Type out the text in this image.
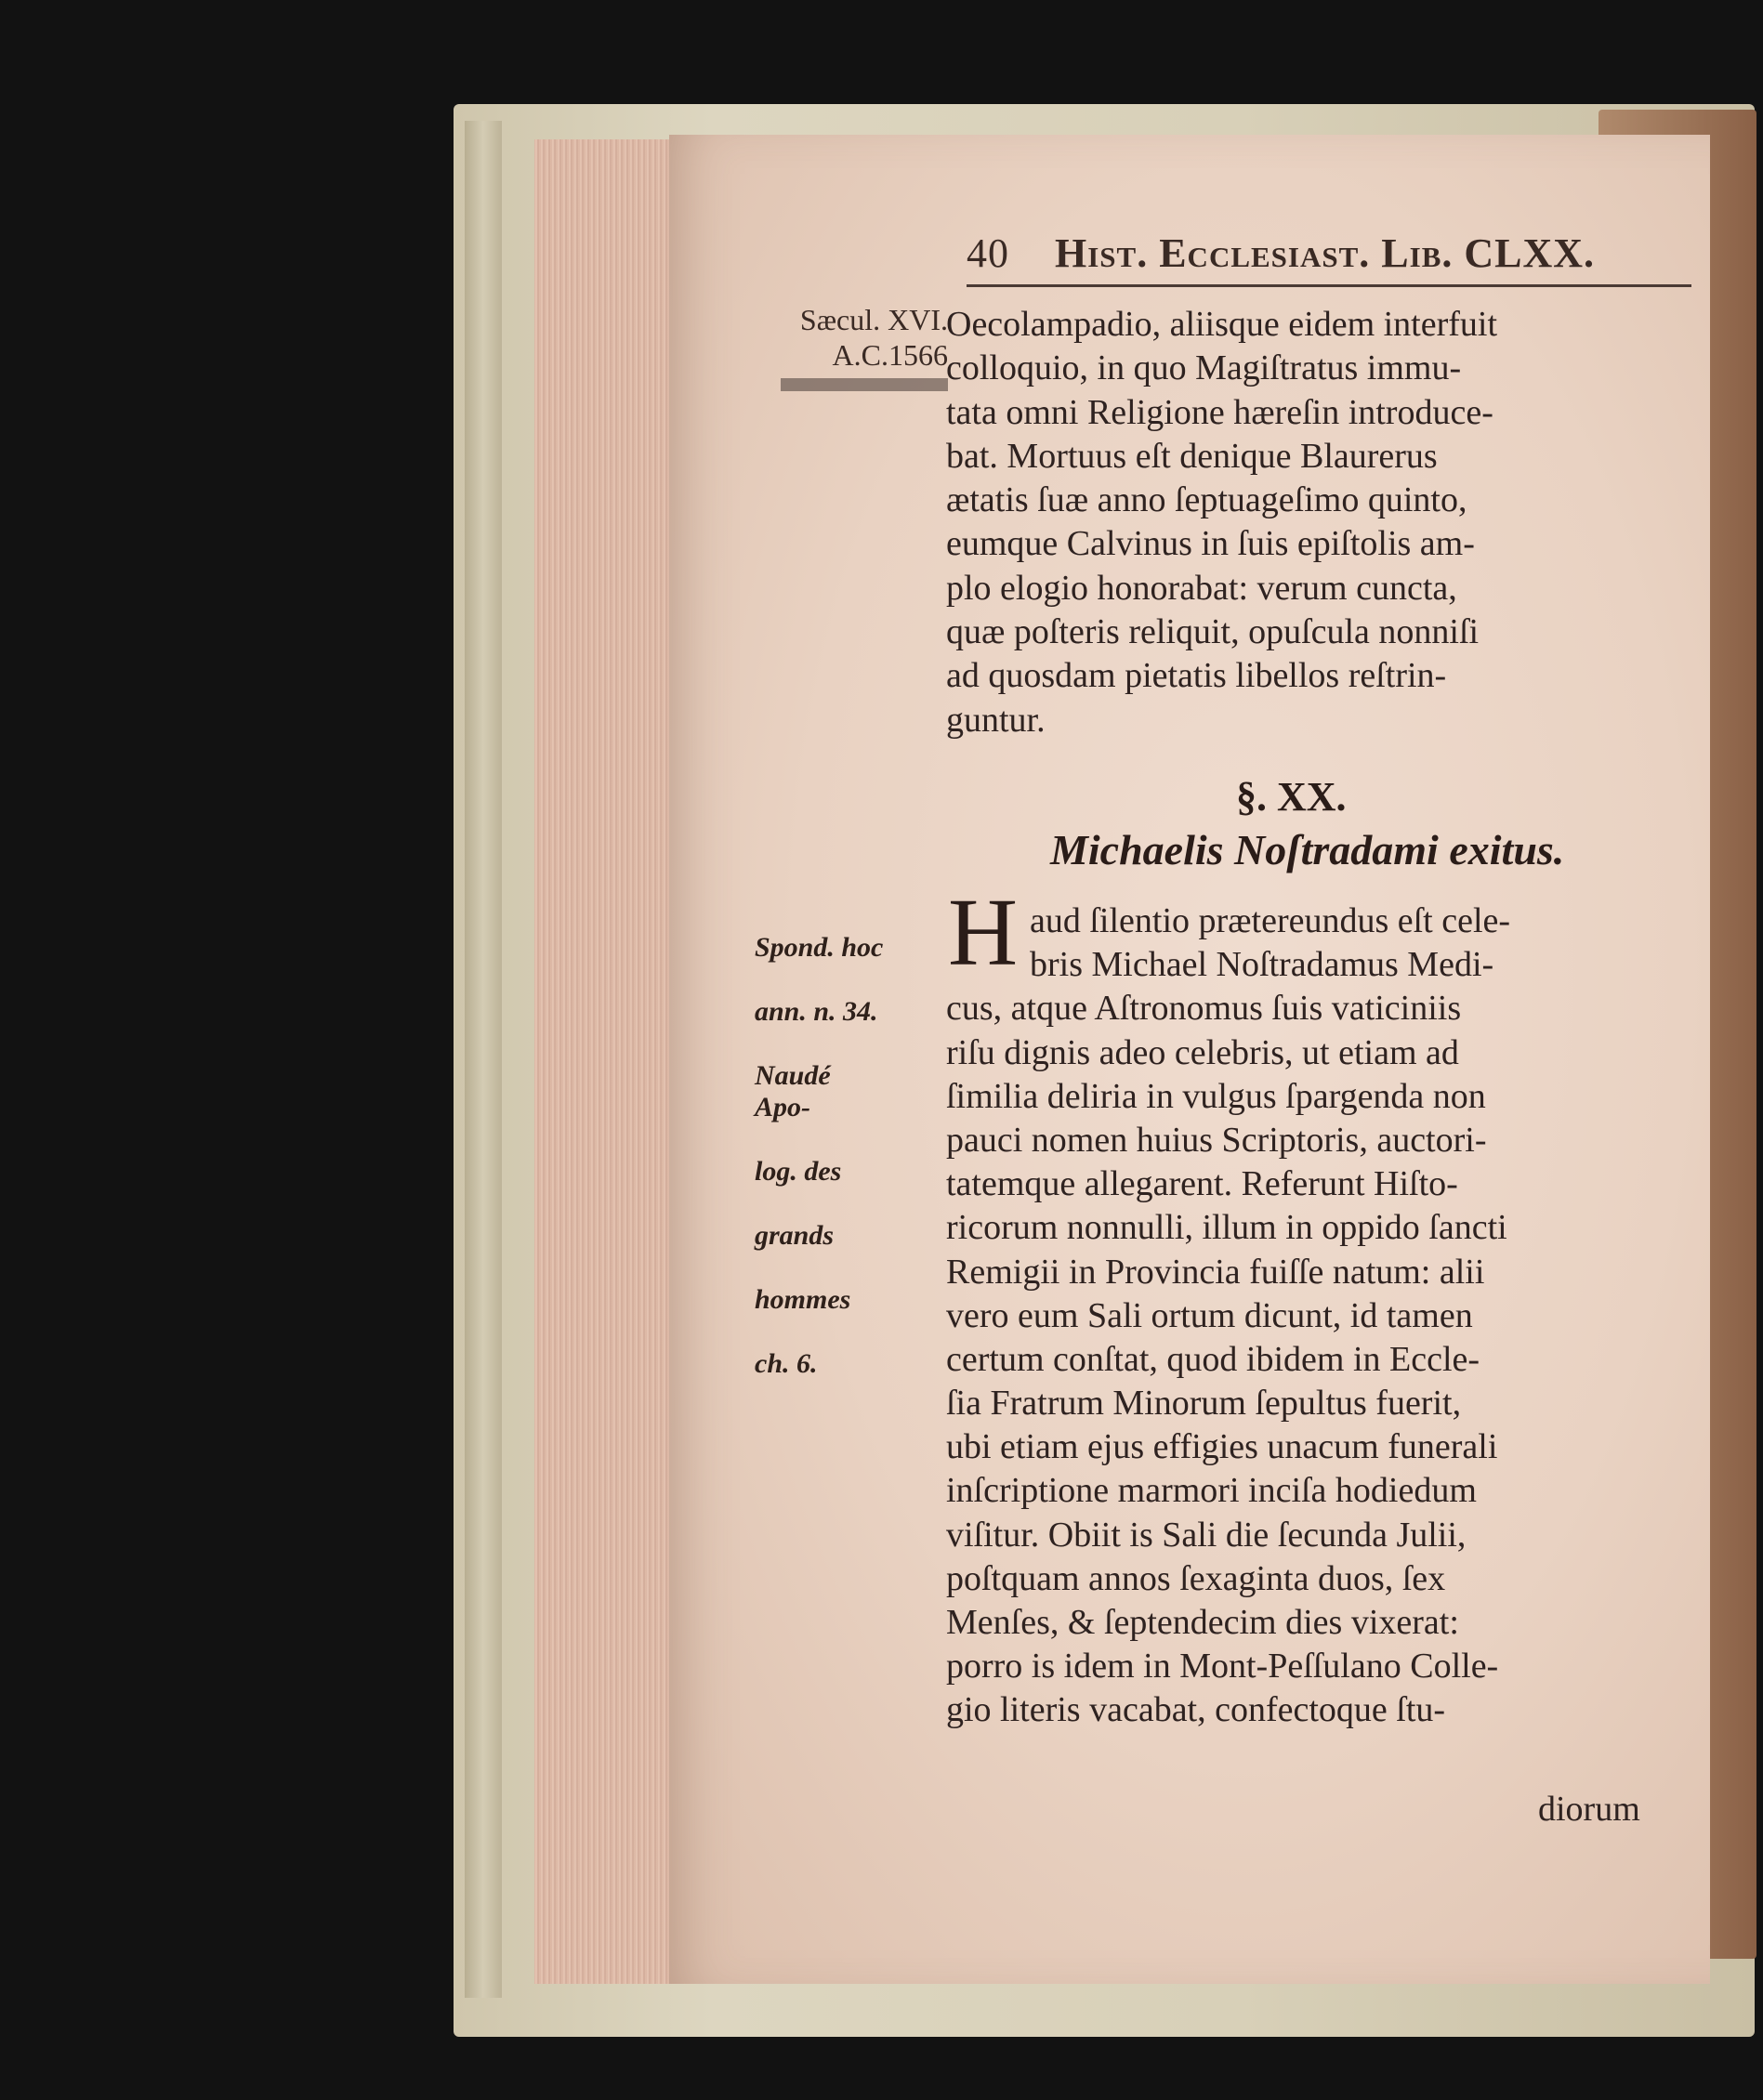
40 Hist. Ecclesiast. Lib. CLXX.
Sæcul. XVI.
A.C.1566

Spond. hoc

ann. n. 34.

Naudé Apo-

log. des

grands

hommes

ch. 6.

Oecolampadio, aliisque eidem interfuit
colloquio, in quo Magiſtratus immu-
tata omni Religione hæreſin introduce-
bat. Mortuus eſt denique Blaurerus
ætatis ſuæ anno ſeptuageſimo quinto,
eumque Calvinus in ſuis epiſtolis am-
plo elogio honorabat: verum cuncta,
quæ poſteris reliquit, opuſcula nonniſi
ad quosdam pietatis libellos reſtrin-
guntur.
§. XX.
Michaelis Noſtradami exitus.
H aud ſilentio prætereundus eſt cele-
bris Michael Noſtradamus Medi-
cus, atque Aſtronomus ſuis vaticiniis
riſu dignis adeo celebris, ut etiam ad
ſimilia deliria in vulgus ſpargenda non
pauci nomen huius Scriptoris, auctori-
tatemque allegarent. Referunt Hiſto-
ricorum nonnulli, illum in oppido ſancti
Remigii in Provincia fuiſſe natum: alii
vero eum Sali ortum dicunt, id tamen
certum conſtat, quod ibidem in Eccle-
ſia Fratrum Minorum ſepultus fuerit,
ubi etiam ejus effigies unacum funerali
inſcriptione marmori inciſa hodiedum
viſitur. Obiit is Sali die ſecunda Julii,
poſtquam annos ſexaginta duos, ſex
Menſes, & ſeptendecim dies vixerat:
porro is idem in Mont-Peſſulano Colle-
gio literis vacabat, confectoque ſtu-
diorum
